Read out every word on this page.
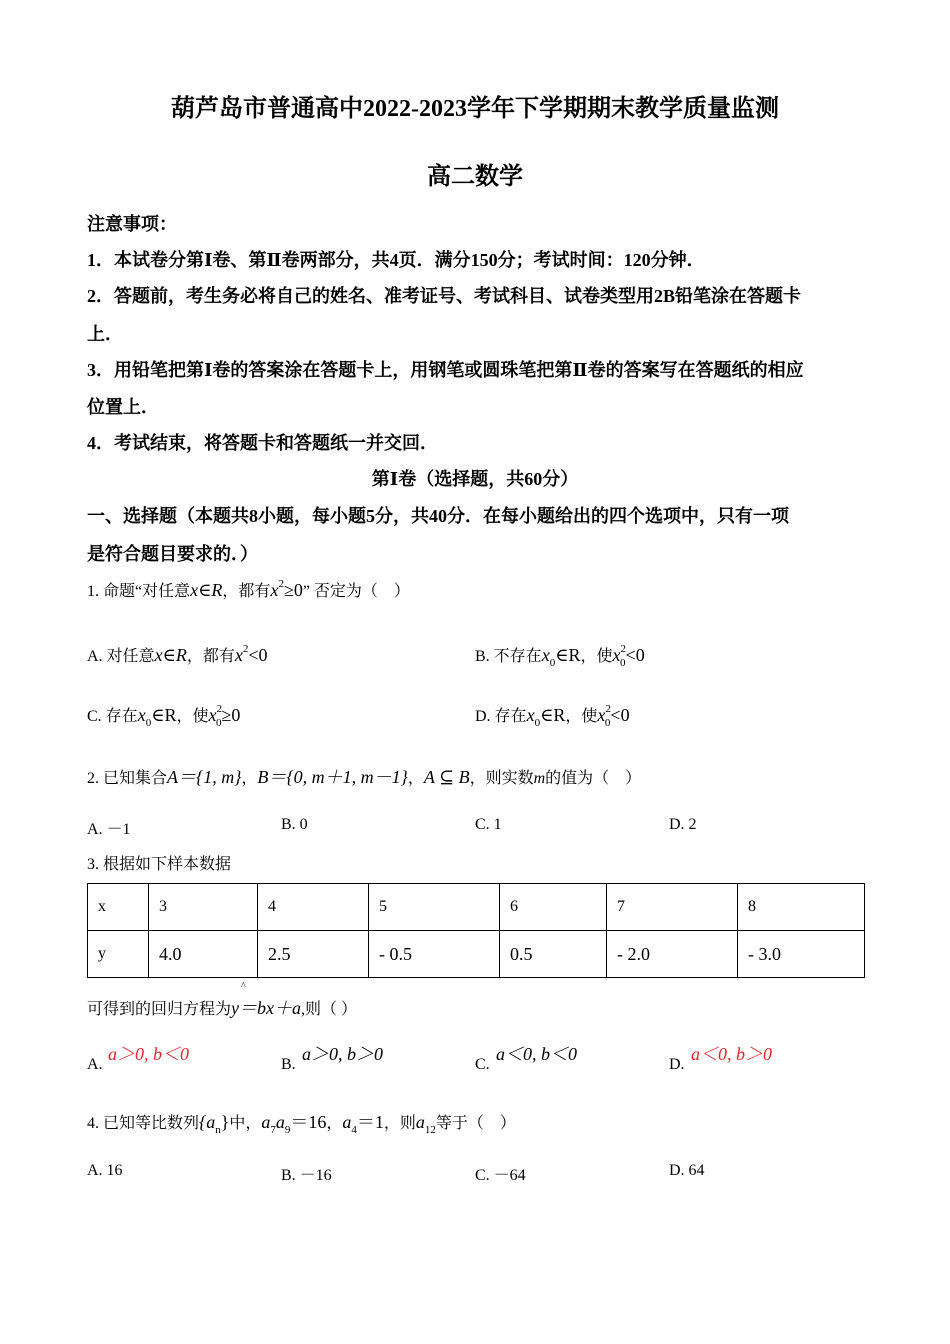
葫芦岛市普通高中2022-2023学年下学期期末教学质量监测
高二数学
注意事项：
1．本试卷分第Ⅰ卷、第Ⅱ卷两部分，共4页．满分150分；考试时间：120分钟．
2．答题前，考生务必将自己的姓名、准考证号、考试科目、试卷类型用2B铅笔涂在答题卡
上．
3．用铅笔把第Ⅰ卷的答案涂在答题卡上，用钢笔或圆珠笔把第Ⅱ卷的答案写在答题纸的相应
位置上．
4．考试结束，将答题卡和答题纸一并交回．
第Ⅰ卷（选择题，共60分）
一、选择题（本题共8小题，每小题5分，共40分．在每小题给出的四个选项中，只有一项
是符合题目要求的．）
1. 命题“对任意x∈R，都有$x^2\ge 0$” 否定为（　）
A. 对任意x∈R，都有$x^2<0$	B. 不存在$x_0\in R$，使$x^2_0<0$
C. 存在$x_0\in R$，使$x^2_0\ge 0$	D. 存在$x_0\in R$，使$x^2_0<0$
2. 已知集合A＝{1, m}，B＝{0, m＋1, m－1}，A ⊆ B，则实数m的值为（　）
A. －1	B. 0	C. 1	D. 2
3. 根据如下样本数据
x	3	4	5	6	7	8
y	4.0	2.5	- 0.5	0.5	- 2.0	- 3.0
^
可得到的回归方程为y＝bx＋a,则（ ）
A.
a＞0, b＜0
B.
a＞0, b＞0
C.
a＜0, b＜0
D.
a＜0, b＞0
4. 已知等比数列$\{a_n\}$中，$a_7a_9=16$，$a_4=1$，则$a_{12}$等于（　）
A. 16	B. －16	C. －64	D. 64
